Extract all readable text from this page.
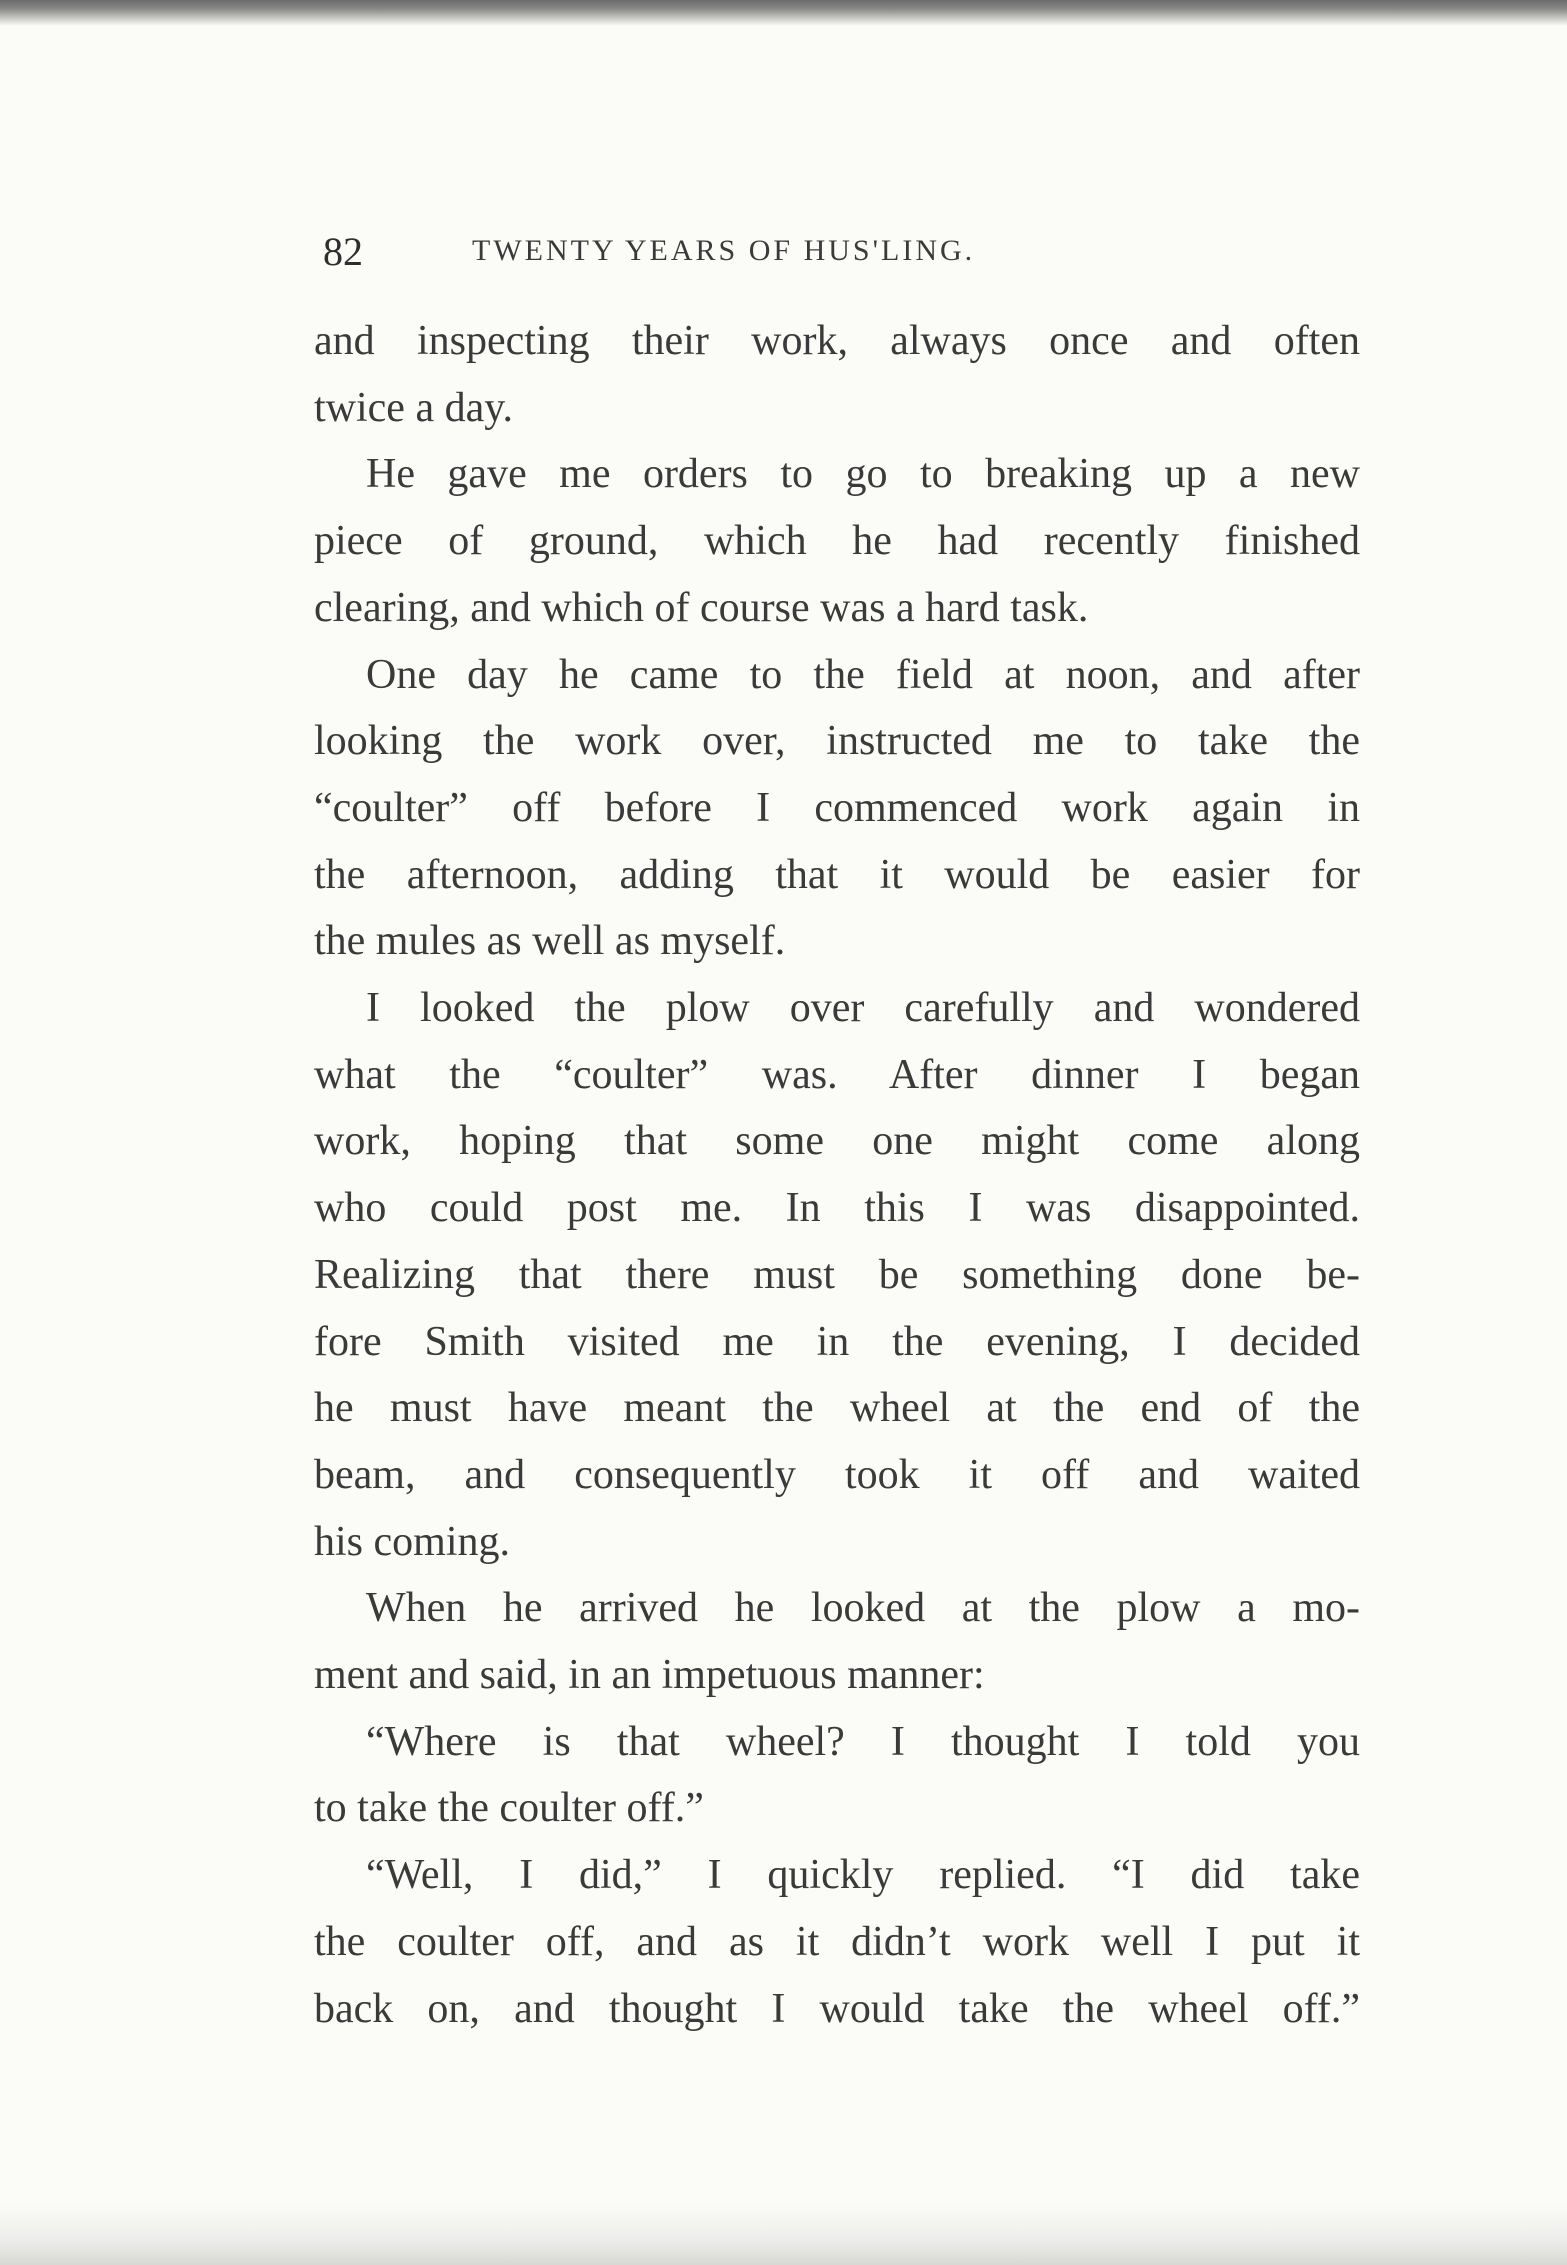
82	TWENTY YEARS OF HUS'LING.
and inspecting their work, always once and often
twice a day.
He gave me orders to go to breaking up a new
piece of ground, which he had recently finished
clearing, and which of course was a hard task.
One day he came to the field at noon, and after
looking the work over, instructed me to take the
“coulter” off before I commenced work again in
the afternoon, adding that it would be easier for
the mules as well as myself.
I looked the plow over carefully and wondered
what the “coulter” was. After dinner I began
work, hoping that some one might come along
who could post me. In this I was disappointed.
Realizing that there must be something done be-
fore Smith visited me in the evening, I decided
he must have meant the wheel at the end of the
beam, and consequently took it off and waited
his coming.
When he arrived he looked at the plow a mo-
ment and said, in an impetuous manner:
“Where is that wheel? I thought I told you
to take the coulter off.”
“Well, I did,” I quickly replied. “I did take
the coulter off, and as it didn’t work well I put it
back on, and thought I would take the wheel off.”
